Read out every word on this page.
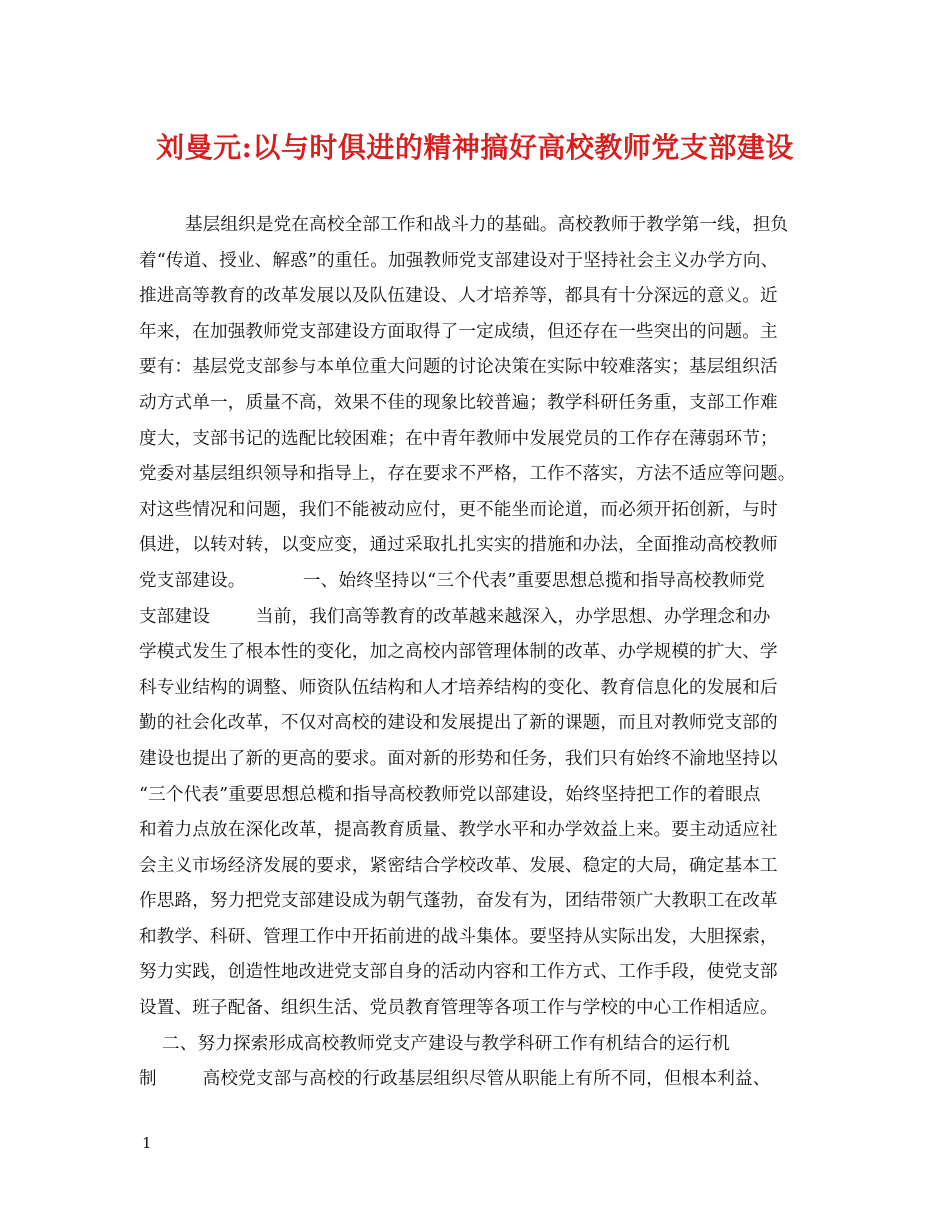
刘曼元:以与时俱进的精神搞好高校教师党支部建设
基层组织是党在高校全部工作和战斗力的基础。高校教师于教学第一线，担负
着“传道、授业、解惑”的重任。加强教师党支部建设对于坚持社会主义办学方向、
推进高等教育的改革发展以及队伍建设、人才培养等，都具有十分深远的意义。近
年来，在加强教师党支部建设方面取得了一定成绩，但还存在一些突出的问题。主
要有：基层党支部参与本单位重大问题的讨论决策在实际中较难落实；基层组织活
动方式单一，质量不高，效果不佳的现象比较普遍；教学科研任务重，支部工作难
度大，支部书记的选配比较困难；在中青年教师中发展党员的工作存在薄弱环节；
党委对基层组织领导和指导上，存在要求不严格，工作不落实，方法不适应等问题。
对这些情况和问题，我们不能被动应付，更不能坐而论道，而必须开拓创新，与时
俱进，以转对转，以变应变，通过采取扎扎实实的措施和办法，全面推动高校教师
党支部建设。          一、始终坚持以“三个代表”重要思想总揽和指导高校教师党
支部建设        当前，我们高等教育的改革越来越深入，办学思想、办学理念和办
学模式发生了根本性的变化，加之高校内部管理体制的改革、办学规模的扩大、学
科专业结构的调整、师资队伍结构和人才培养结构的变化、教育信息化的发展和后
勤的社会化改革，不仅对高校的建设和发展提出了新的课题，而且对教师党支部的
建设也提出了新的更高的要求。面对新的形势和任务，我们只有始终不渝地坚持以
“三个代表”重要思想总榄和指导高校教师党以部建设，始终坚持把工作的着眼点
和着力点放在深化改革，提高教育质量、教学水平和办学效益上来。要主动适应社
会主义市场经济发展的要求，紧密结合学校改革、发展、稳定的大局，确定基本工
作思路，努力把党支部建设成为朝气蓬勃，奋发有为，团结带领广大教职工在改革
和教学、科研、管理工作中开拓前进的战斗集体。要坚持从实际出发，大胆探索，
努力实践，创造性地改进党支部自身的活动内容和工作方式、工作手段，使党支部
设置、班子配备、组织生活、党员教育管理等各项工作与学校的中心工作相适应。
二、努力探索形成高校教师党支产建设与教学科研工作有机结合的运行机
制        高校党支部与高校的行政基层组织尽管从职能上有所不同，但根本利益、
1
